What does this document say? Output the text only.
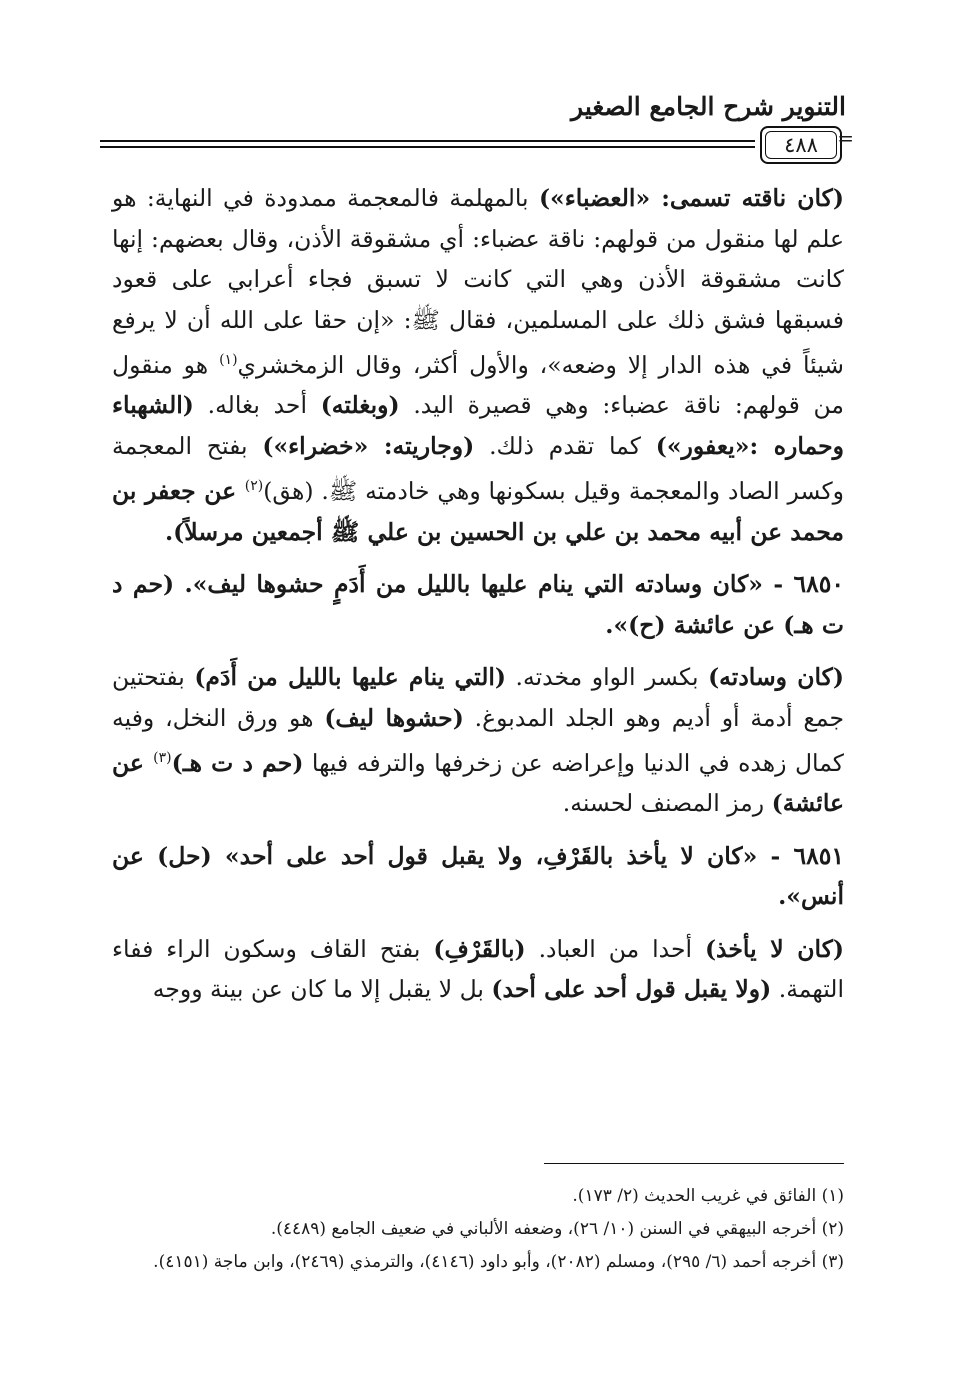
التنوير شرح الجامع الصغير
٤٨٨ =

(كان ناقته تسمى: «العضباء») بالمهلمة فالمعجمة ممدودة في النهاية: هو علم لها منقول من قولهم: ناقة عضباء: أي مشقوقة الأذن، وقال بعضهم: إنها كانت مشقوقة الأذن وهي التي كانت لا تسبق فجاء أعرابي على قعود فسبقها فشق ذلك على المسلمين، فقال ﷺ: «إن حقا على الله أن لا يرفع شيئاً في هذه الدار إلا وضعه»، والأول أكثر، وقال الزمخشري$^{(١)}$ هو منقول من قولهم: ناقة عضباء: وهي قصيرة اليد. (وبغلته) أحد بغاله. (الشهباء وحماره :«يعفور») كما تقدم ذلك. (وجاريته: «خضراء») بفتح المعجمة وكسر الصاد والمعجمة وقيل بسكونها وهي خادمته ﷺ. (هق)$^{(٢)}$ عن جعفر بن محمد عن أبيه محمد بن علي بن الحسين بن علي ﷺ أجمعين مرسلاً).

٦٨٥٠ - «كان وسادته التي ينام عليها بالليل من أَدَمٍ حشوها ليف». (حم د ت هـ) عن عائشة (ح)».

(كان وسادته) بكسر الواو مخدته. (التي ينام عليها بالليل من أَدَم) بفتحتين جمع أدمة أو أديم وهو الجلد المدبوغ. (حشوها ليف) هو ورق النخل، وفيه كمال زهده في الدنيا وإعراضه عن زخرفها والترفه فيها (حم د ت هـ)$^{(٣)}$ عن عائشة) رمز المصنف لحسنه.

٦٨٥١ - «كان لا يأخذ بالقَرْفِ، ولا يقبل قول أحد على أحد» (حل) عن أنس».

(كان لا يأخذ) أحدا من العباد. (بالقَرْفِ) بفتح القاف وسكون الراء ففاء التهمة. (ولا يقبل قول أحد على أحد) بل لا يقبل إلا ما كان عن بينة ووجه

(١) الفائق في غريب الحديث (٢/ ١٧٣).
(٢) أخرجه البيهقي في السنن (١٠/ ٢٦)، وضعفه الألباني في ضعيف الجامع (٤٤٨٩).
(٣) أخرجه أحمد (٦/ ٢٩٥)، ومسلم (٢٠٨٢)، وأبو داود (٤١٤٦)، والترمذي (٢٤٦٩)، وابن ماجة (٤١٥١).
